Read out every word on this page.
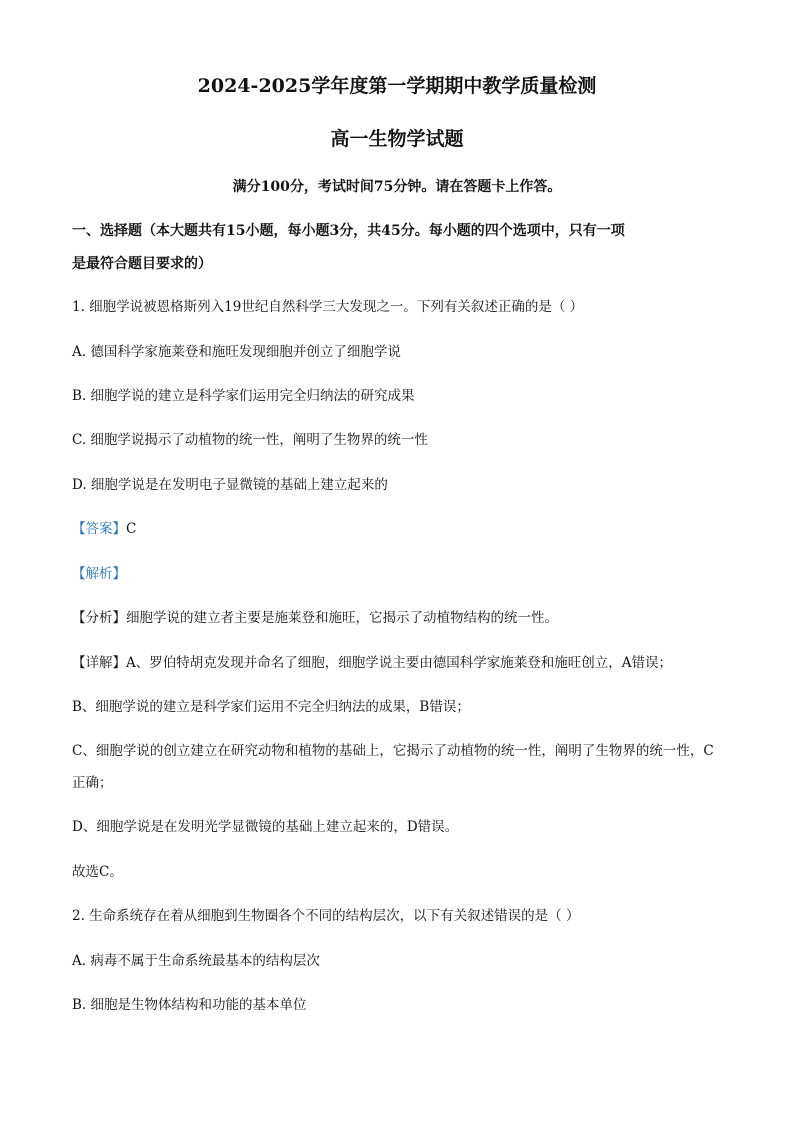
2024-2025学年度第一学期期中教学质量检测
高一生物学试题
满分100分，考试时间75分钟。请在答题卡上作答。
一、选择题（本大题共有15小题，每小题3分，共45分。每小题的四个选项中，只有一项
是最符合题目要求的）
1. 细胞学说被恩格斯列入19世纪自然科学三大发现之一。下列有关叙述正确的是（ ）
A. 德国科学家施莱登和施旺发现细胞并创立了细胞学说
B. 细胞学说的建立是科学家们运用完全归纳法的研究成果
C. 细胞学说揭示了动植物的统一性，阐明了生物界的统一性
D. 细胞学说是在发明电子显微镜的基础上建立起来的
【答案】C
【解析】
【分析】细胞学说的建立者主要是施莱登和施旺，它揭示了动植物结构的统一性。
【详解】A、罗伯特胡克发现并命名了细胞，细胞学说主要由德国科学家施莱登和施旺创立，A错误；
B、细胞学说的建立是科学家们运用不完全归纳法的成果，B错误；
C、细胞学说的创立建立在研究动物和植物的基础上，它揭示了动植物的统一性，阐明了生物界的统一性，C
正确；
D、细胞学说是在发明光学显微镜的基础上建立起来的，D错误。
故选C。
2. 生命系统存在着从细胞到生物圈各个不同的结构层次，以下有关叙述错误的是（ ）
A. 病毒不属于生命系统最基本的结构层次
B. 细胞是生物体结构和功能的基本单位
